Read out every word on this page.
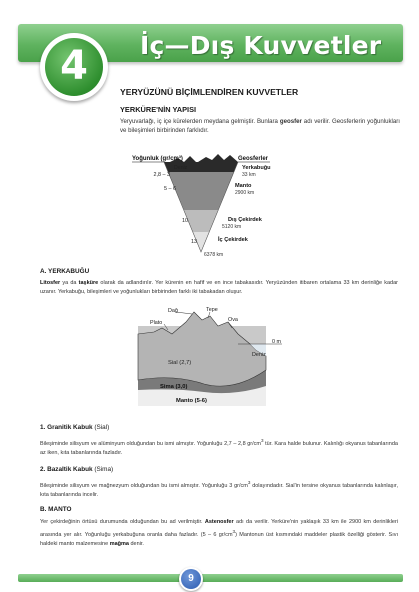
İç—Dış Kuvvetler
4
YERYÜZÜNÜ BİÇİMLENDİREN KUVVETLER
YERKÜRE'NİN YAPISI

Yeryuvarlağı, iç içe kürelerden meydana gelmiştir. Bunlara geosfer adı verilir. Geosferlerin yoğunlukları ve bileşimleri birbirinden farklıdır.

Yoğunluk (gr/cm³)
Deniz
2,8 – 3
5 – 6
10
13
Geosferler
Yerkabuğu
33 km
Manto
2900 km
Dış Çekirdek
5120 km
İç Çekirdek
6378 km
A. YERKABUĞU

Litosfer ya da taşküre olarak da adlandırılır. Yer kürenin en hafif ve en ince tabakasıdır. Yeryüzünden itibaren ortalama 33 km derinliğe kadar uzanır. Yerkabuğu, bileşimleri ve yoğunlukları birbirinden farklı iki tabakadan oluşur.

Dağ	Tepe
Plato	Ova
0 m
Deniz
Sial (2,7)
Sima (3,0)
Manto (5-6)
1. Granitik Kabuk (Sial)

Bileşiminde silisyum ve alüminyum olduğundan bu ismi almıştır. Yoğunluğu 2,7 – 2,8 $gr/cm^3$ tür. Kara halde bulunur. Kalınlığı okyanus tabanlarında az iken, kıta tabanlarında fazladır.

2. Bazaltik Kabuk (Sima)

Bileşiminde silisyum ve mağnezyum olduğundan bu ismi almıştır. Yoğunluğu 3 $gr/cm^3$ dolayındadır. Sial'in tersine okyanus tabanlarında kalınlaşır, kıta tabanlarında incelir.

B. MANTO

Yer çekirdeğinin örtüsü durumunda olduğundan bu ad verilmiştir. Astenosfer adı da verilir. Yerküre'nin yaklaşık 33 km ile 2900 km derinlikleri arasında yer alır. Yoğunluğu yerkabuğuna oranla daha fazladır. (5 – 6 $gr/cm^3$) Mantonun üst kısmındaki maddeler plastik özelliği gösterir. Sıvı haldeki manto malzemesine mağma denir.

9
